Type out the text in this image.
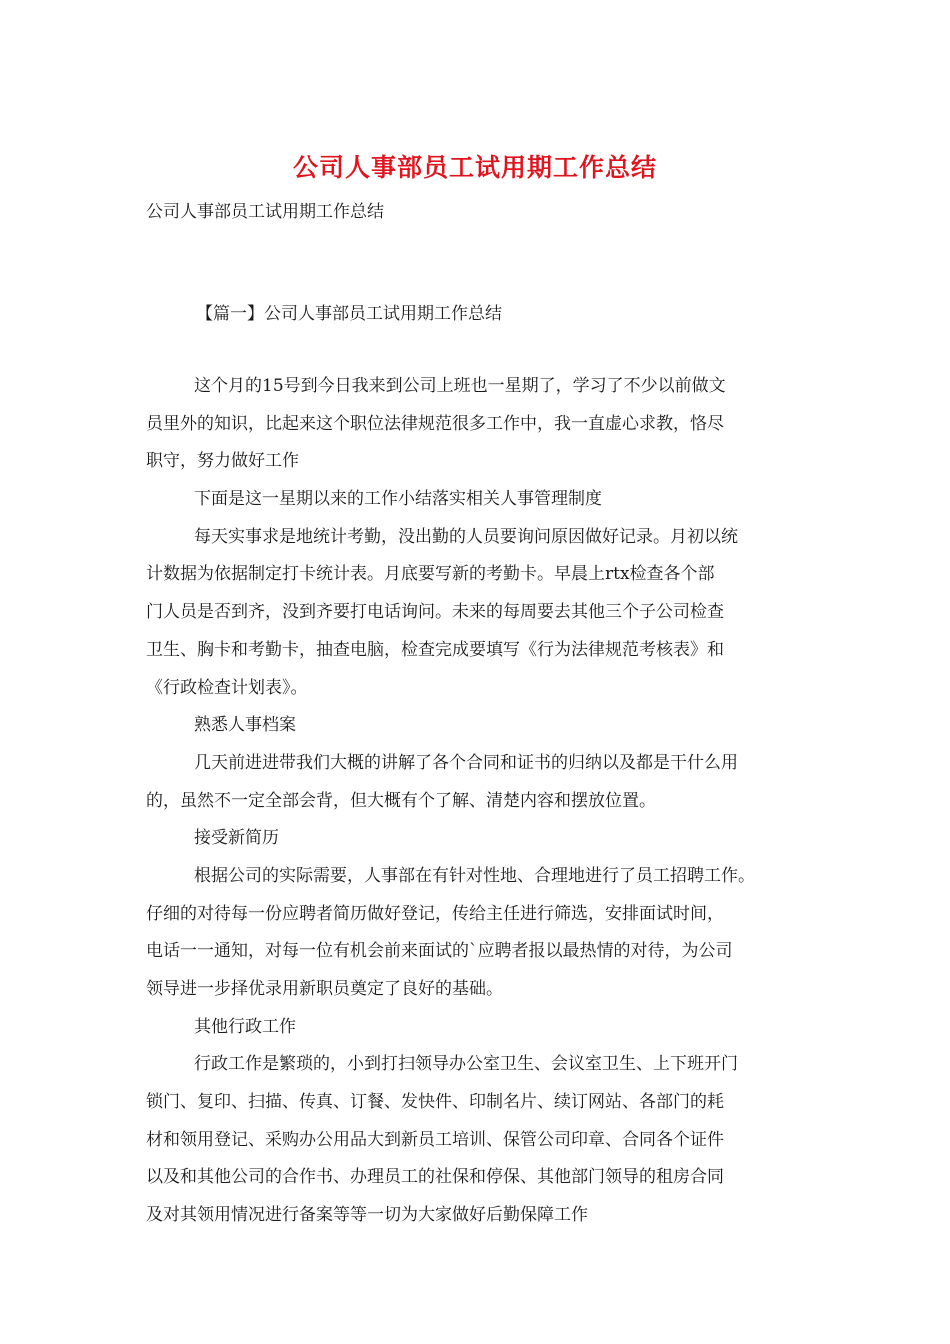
公司人事部员工试用期工作总结
公司人事部员工试用期工作总结
【篇一】公司人事部员工试用期工作总结
这个月的15号到今日我来到公司上班也一星期了，学习了不少以前做文
员里外的知识，比起来这个职位法律规范很多工作中，我一直虚心求教，恪尽
职守，努力做好工作
下面是这一星期以来的工作小结落实相关人事管理制度
每天实事求是地统计考勤，没出勤的人员要询问原因做好记录。月初以统
计数据为依据制定打卡统计表。月底要写新的考勤卡。早晨上rtx检查各个部
门人员是否到齐，没到齐要打电话询问。未来的每周要去其他三个子公司检查
卫生、胸卡和考勤卡，抽查电脑，检查完成要填写《行为法律规范考核表》和
《行政检查计划表》。
熟悉人事档案
几天前进进带我们大概的讲解了各个合同和证书的归纳以及都是干什么用
的，虽然不一定全部会背，但大概有个了解、清楚内容和摆放位置。
接受新简历
根据公司的实际需要，人事部在有针对性地、合理地进行了员工招聘工作。
仔细的对待每一份应聘者简历做好登记，传给主任进行筛选，安排面试时间，
电话一一通知，对每一位有机会前来面试的`应聘者报以最热情的对待，为公司
领导进一步择优录用新职员奠定了良好的基础。
其他行政工作
行政工作是繁琐的，小到打扫领导办公室卫生、会议室卫生、上下班开门
锁门、复印、扫描、传真、订餐、发快件、印制名片、续订网站、各部门的耗
材和领用登记、采购办公用品大到新员工培训、保管公司印章、合同各个证件
以及和其他公司的合作书、办理员工的社保和停保、其他部门领导的租房合同
及对其领用情况进行备案等等一切为大家做好后勤保障工作
